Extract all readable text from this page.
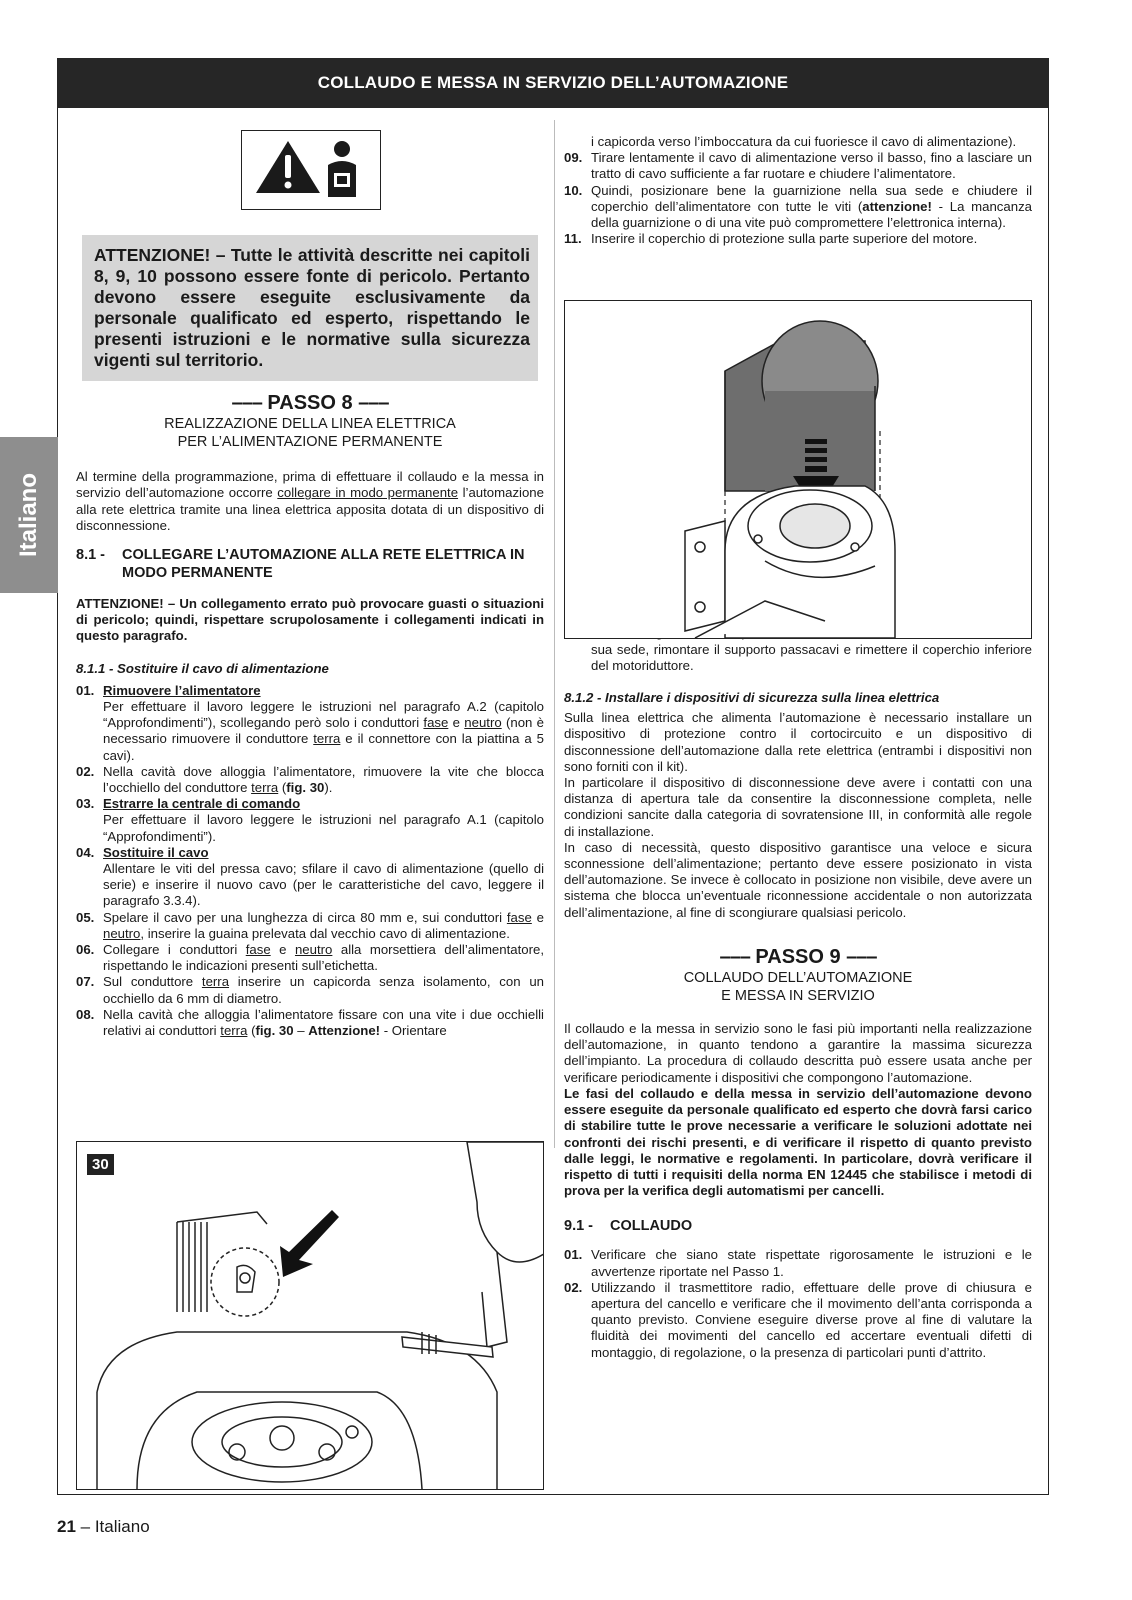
COLLAUDO E MESSA IN SERVIZIO DELL’AUTOMAZIONE
Italiano
ATTENZIONE! – Tutte le attività descritte nei capitoli 8, 9, 10 possono essere fonte di pericolo. Pertanto devono essere eseguite esclusivamente da personale qualificato ed esperto, rispettando le presenti istruzioni e le normative sulla sicurezza vigenti sul territorio.
––– PASSO 8 –––
REALIZZAZIONE DELLA LINEA ELETTRICA
PER L’ALIMENTAZIONE PERMANENTE

Al termine della programmazione, prima di effettuare il collaudo e la messa in servizio dell’automazione occorre collegare in modo permanente l’automazione alla rete elettrica tramite una linea elettrica apposita dotata di un dispositivo di disconnessione.

8.1 -	COLLEGARE L’AUTOMAZIONE ALLA RETE ELETTRICA IN MODO PERMANENTE

ATTENZIONE! – Un collegamento errato può provocare guasti o situazioni di pericolo; quindi, rispettare scrupolosamente i collegamenti indicati in questo paragrafo.

8.1.1 - Sostituire il cavo di alimentazione
01. Rimuovere l’alimentatore
Per effettuare il lavoro leggere le istruzioni nel paragrafo A.2 (capitolo “Approfondimenti”), scollegando però solo i conduttori fase e neutro (non è necessario rimuovere il conduttore terra e il connettore con la piattina a 5 cavi).
02. Nella cavità dove alloggia l’alimentatore, rimuovere la vite che blocca l’occhiello del conduttore terra (fig. 30).
03. Estrarre la centrale di comando
Per effettuare il lavoro leggere le istruzioni nel paragrafo A.1 (capitolo “Approfondimenti”).
04. Sostituire il cavo
Allentare le viti del pressa cavo; sfilare il cavo di alimentazione (quello di serie) e inserire il nuovo cavo (per le caratteristiche del cavo, leggere il paragrafo 3.3.4).
05. Spelare il cavo per una lunghezza di circa 80 mm e, sui conduttori fase e neutro, inserire la guaina prelevata dal vecchio cavo di alimentazione.
06. Collegare i conduttori fase e neutro alla morsettiera dell’alimentatore, rispettando le indicazioni presenti sull’etichetta.
07. Sul conduttore terra inserire un capicorda senza isolamento, con un occhiello da 6 mm di diametro.
08. Nella cavità che alloggia l’alimentatore fissare con una vite i due occhielli relativi ai conduttori terra (fig. 30 – Attenzione! - Orientare
30
i capicorda verso l’imboccatura da cui fuoriesce il cavo di alimentazione).
09. Tirare lentamente il cavo di alimentazione verso il basso, fino a lasciare un tratto di cavo sufficiente a far ruotare e chiudere l’alimentatore.
10. Quindi, posizionare bene la guarnizione nella sua sede e chiudere il coperchio dell’alimentatore con tutte le viti (attenzione! - La mancanza della guarnizione o di una vite può compromettere l’elettronica interna).
11. Inserire il coperchio di protezione sulla parte superiore del motore.
sua sede, rimontare il supporto passacavi e rimettere il coperchio inferiore del motoriduttore.
8.1.2 - Installare i dispositivi di sicurezza sulla linea elettrica

Sulla linea elettrica che alimenta l’automazione è necessario installare un dispositivo di protezione contro il cortocircuito e un dispositivo di disconnessione dell’automazione dalla rete elettrica (entrambi i dispositivi non sono forniti con il kit).

In particolare il dispositivo di disconnessione deve avere i contatti con una distanza di apertura tale da consentire la disconnessione completa, nelle condizioni sancite dalla categoria di sovratensione III, in conformità alle regole di installazione.

In caso di necessità, questo dispositivo garantisce una veloce e sicura sconnessione dell’alimentazione; pertanto deve essere posizionato in vista dell’automazione. Se invece è collocato in posizione non visibile, deve avere un sistema che blocca un’eventuale riconnessione accidentale o non autorizzata dell’alimentazione, al fine di scongiurare qualsiasi pericolo.

––– PASSO 9 –––
COLLAUDO DELL’AUTOMAZIONE
E MESSA IN SERVIZIO

Il collaudo e la messa in servizio sono le fasi più importanti nella realizzazione dell’automazione, in quanto tendono a garantire la massima sicurezza dell’impianto. La procedura di collaudo descritta può essere usata anche per verificare periodicamente i dispositivi che compongono l’automazione.

Le fasi del collaudo e della messa in servizio dell’automazione devono essere eseguite da personale qualificato ed esperto che dovrà farsi carico di stabilire tutte le prove necessarie a verificare le soluzioni adottate nei confronti dei rischi presenti, e di verificare il rispetto di quanto previsto dalle leggi, le normative e regolamenti. In particolare, dovrà verificare il rispetto di tutti i requisiti della norma EN 12445 che stabilisce i metodi di prova per la verifica degli automatismi per cancelli.

9.1 -	COLLAUDO
01. Verificare che siano state rispettate rigorosamente le istruzioni e le avvertenze riportate nel Passo 1.
02. Utilizzando il trasmettitore radio, effettuare delle prove di chiusura e apertura del cancello e verificare che il movimento dell’anta corrisponda a quanto previsto. Conviene eseguire diverse prove al fine di valutare la fluidità dei movimenti del cancello ed accertare eventuali difetti di montaggio, di regolazione, o la presenza di particolari punti d’attrito.
21 – Italiano
